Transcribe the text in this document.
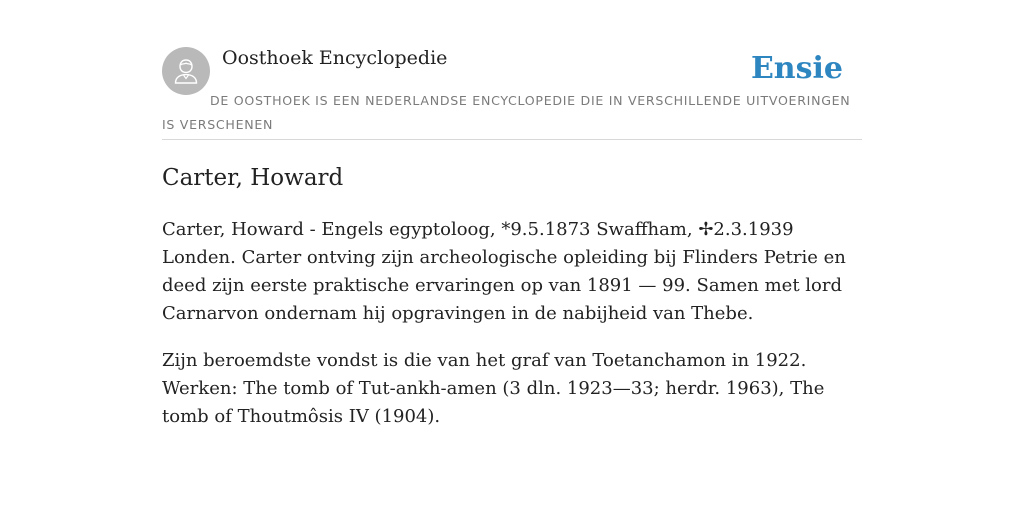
Oosthoek Encyclopedie	Ensie

DE OOSTHOEK IS EEN NEDERLANDSE ENCYCLOPEDIE DIE IN VERSCHILLENDE UITVOERINGEN IS VERSCHENEN

Carter, Howard

Carter, Howard - Engels egyptoloog, *9.5.1873 Swaffham, ✢2.3.1939 Londen. Carter ontving zijn archeologische opleiding bij Flinders Petrie en deed zijn eerste praktische ervaringen op van 1891 — 99. Samen met lord Carnarvon ondernam hij opgravingen in de nabijheid van Thebe.

Zijn beroemdste vondst is die van het graf van Toetanchamon in 1922. Werken: The tomb of Tut-ankh-amen (3 dln. 1923—33; herdr. 1963), The tomb of Thoutmôsis IV (1904).
